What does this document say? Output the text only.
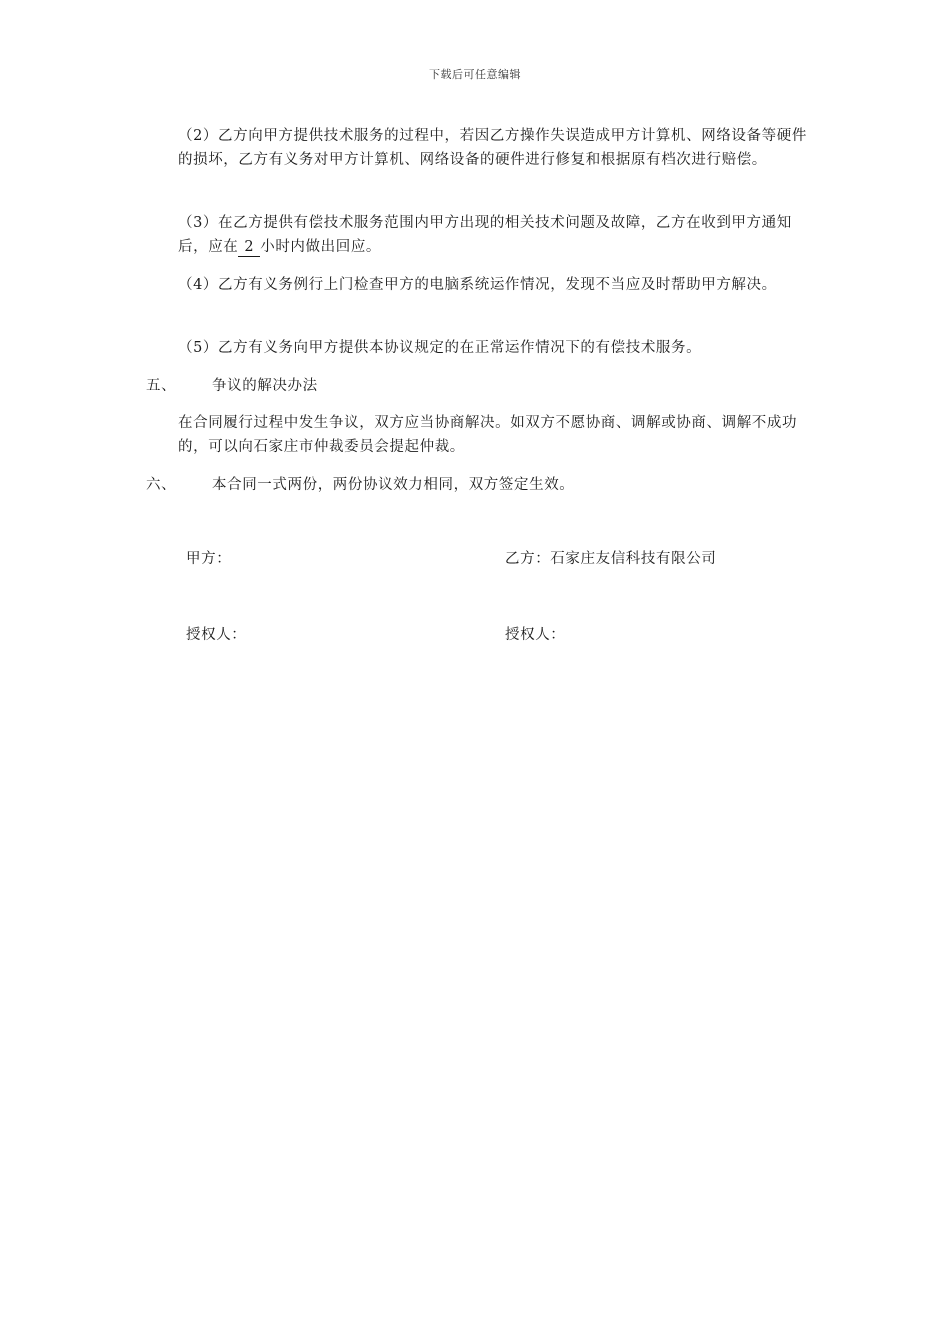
下载后可任意编辑

（2）乙方向甲方提供技术服务的过程中，若因乙方操作失误造成甲方计算机、网络设备等硬件的损坏，乙方有义务对甲方计算机、网络设备的硬件进行修复和根据原有档次进行赔偿。

（3）在乙方提供有偿技术服务范围内甲方出现的相关技术问题及故障，乙方在收到甲方通知后，应在 2 小时内做出回应。

（4）乙方有义务例行上门检查甲方的电脑系统运作情况，发现不当应及时帮助甲方解决。

（5）乙方有义务向甲方提供本协议规定的在正常运作情况下的有偿技术服务。

五、 争议的解决办法

在合同履行过程中发生争议，双方应当协商解决。如双方不愿协商、调解或协商、调解不成功的，可以向石家庄市仲裁委员会提起仲裁。

六、 本合同一式两份，两份协议效力相同，双方签定生效。
甲方：	乙方：石家庄友信科技有限公司
授权人：	授权人：
